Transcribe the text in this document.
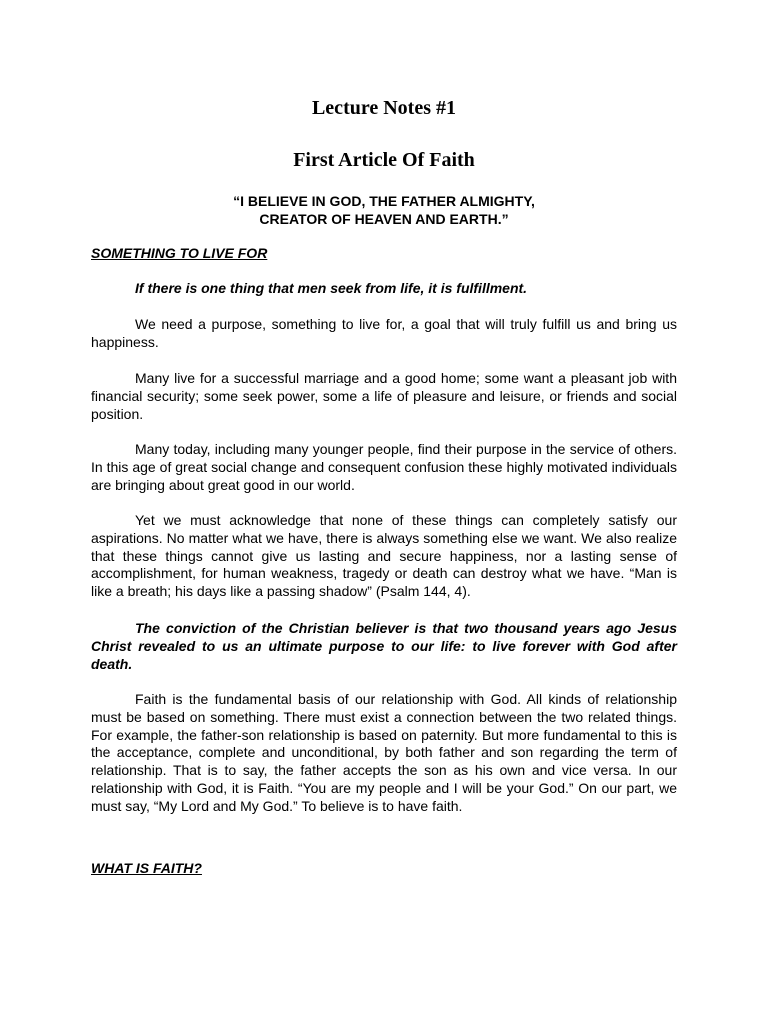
Lecture Notes #1
First Article Of Faith
“I BELIEVE IN GOD, THE FATHER ALMIGHTY,
CREATOR OF HEAVEN AND EARTH.”
SOMETHING TO LIVE FOR

If there is one thing that men seek from life, it is fulfillment.

We need a purpose, something to live for, a goal that will truly fulfill us and bring us happiness.

Many live for a successful marriage and a good home; some want a pleasant job with financial security; some seek power, some a life of pleasure and leisure, or friends and social position.

Many today, including many younger people, find their purpose in the service of others. In this age of great social change and consequent confusion these highly motivated individuals are bringing about great good in our world.

Yet we must acknowledge that none of these things can completely satisfy our aspirations. No matter what we have, there is always something else we want. We also realize that these things cannot give us lasting and secure happiness, nor a lasting sense of accomplishment, for human weakness, tragedy or death can destroy what we have. “Man is like a breath; his days like a passing shadow” (Psalm 144, 4).

The conviction of the Christian believer is that two thousand years ago Jesus Christ revealed to us an ultimate purpose to our life: to live forever with God after death.

Faith is the fundamental basis of our relationship with God. All kinds of relationship must be based on something. There must exist a connection between the two related things. For example, the father-son relationship is based on paternity. But more fundamental to this is the acceptance, complete and unconditional, by both father and son regarding the term of relationship. That is to say, the father accepts the son as his own and vice versa. In our relationship with God, it is Faith. “You are my people and I will be your God.” On our part, we must say, “My Lord and My God.” To believe is to have faith.

WHAT IS FAITH?
